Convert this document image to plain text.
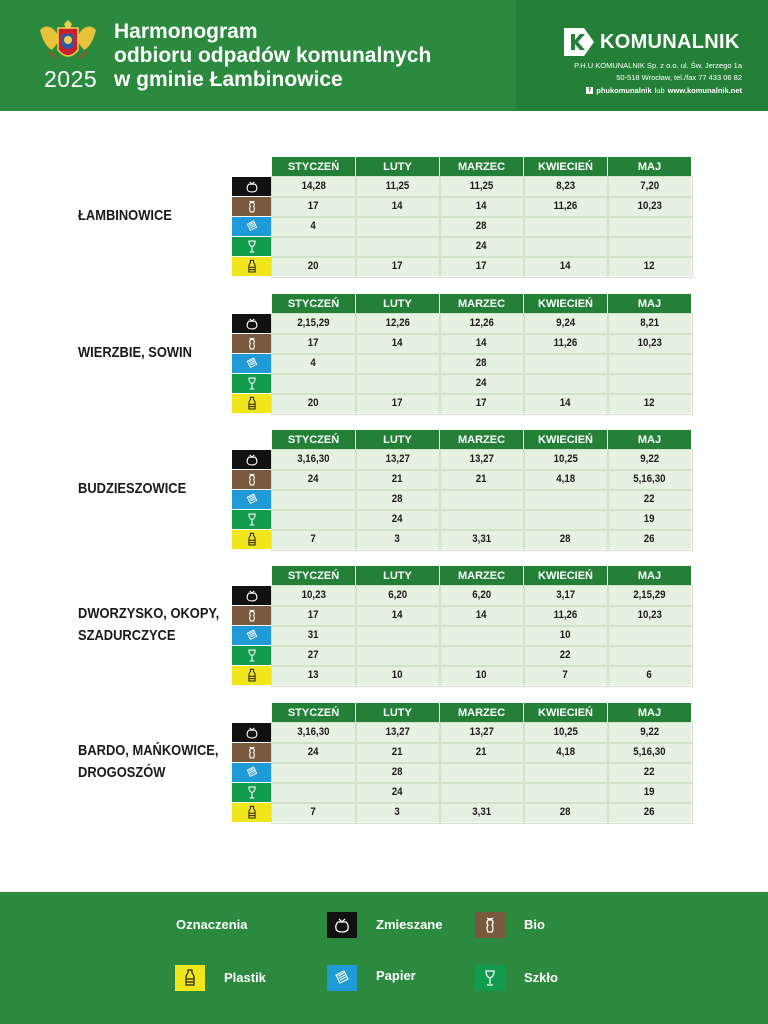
2025
Harmonogram
odbioru odpadów komunalnych
w gminie Łambinowice
KOMUNALNIK
P.H.U KOMUNALNIK Sp. z o.o. ul. Św. Jerzego 1a
50-518 Wrocław, tel./fax 77 433 06 82
f phukomunalnik lub www.komunalnik.net
ŁAMBINOWICE
	STYCZEŃ	LUTY	MARZEC	KWIECIEŃ	MAJ

	14,28	11,25	11,25	8,23	7,20

	17	14	14	11,26	10,23

	4		28		

			24		

	20	17	17	14	12
WIERZBIE, SOWIN
	STYCZEŃ	LUTY	MARZEC	KWIECIEŃ	MAJ

	2,15,29	12,26	12,26	9,24	8,21

	17	14	14	11,26	10,23

	4		28		

			24		

	20	17	17	14	12
BUDZIESZOWICE
	STYCZEŃ	LUTY	MARZEC	KWIECIEŃ	MAJ

	3,16,30	13,27	13,27	10,25	9,22

	24	21	21	4,18	5,16,30

		28			22

		24			19

	7	3	3,31	28	26
DWORZYSKO, OKOPY,
SZADURCZYCE
	STYCZEŃ	LUTY	MARZEC	KWIECIEŃ	MAJ

	10,23	6,20	6,20	3,17	2,15,29

	17	14	14	11,26	10,23

	31			10	

	27			22	

	13	10	10	7	6
BARDO, MAŃKOWICE,
DROGOSZÓW
	STYCZEŃ	LUTY	MARZEC	KWIECIEŃ	MAJ

	3,16,30	13,27	13,27	10,25	9,22

	24	21	21	4,18	5,16,30

		28			22

		24			19

	7	3	3,31	28	26
Oznaczenia	Zmieszane	Bio
Plastik	Papier	Szkło
